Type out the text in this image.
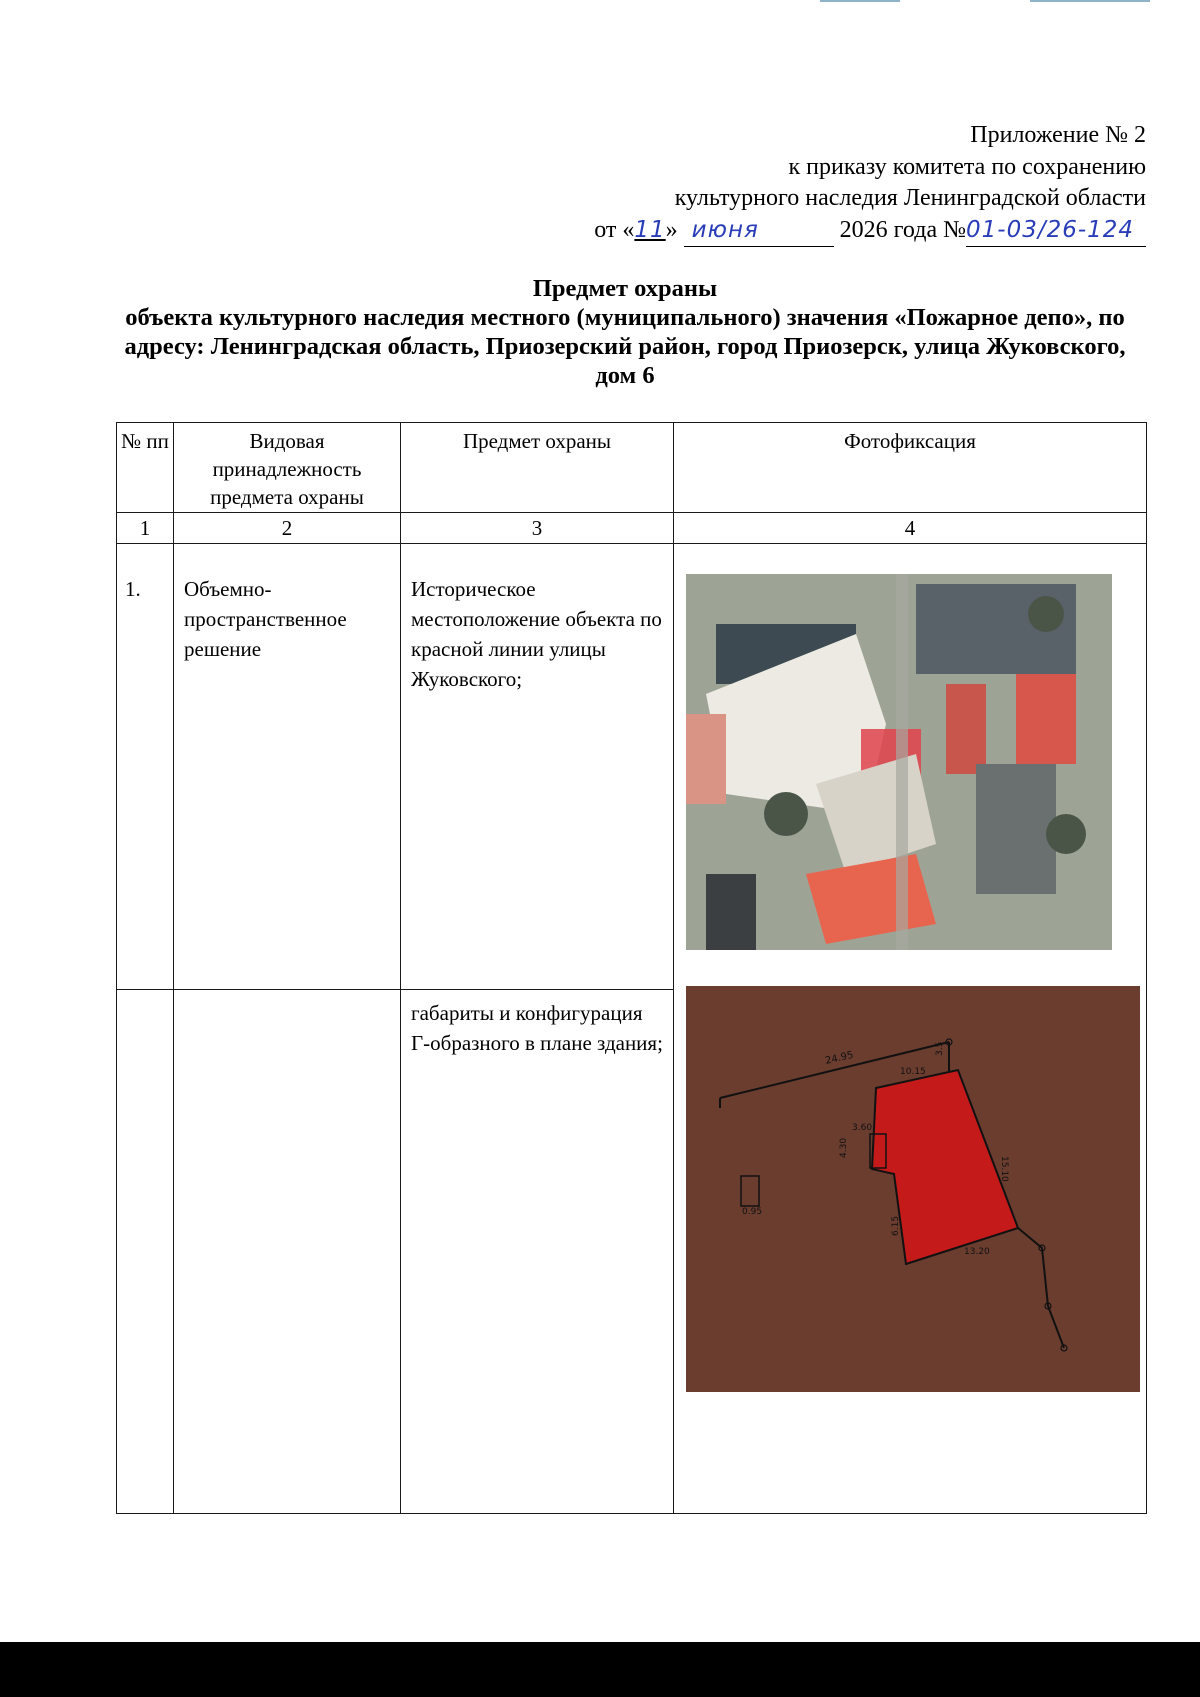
Приложение № 2
к приказу комитета по сохранению
культурного наследия Ленинградской области
от «11» июня	2026 года №01-03/26-124
Предмет охраны
объекта культурного наследия местного (муниципального) значения «Пожарное депо», по адресу: Ленинградская область, Приозерский район, город Приозерск, улица Жуковского, дом 6
№ пп	Видовая принадлежность предмета охраны	Предмет охраны	Фотофиксация
1	2	3	4

1.	Объемно-пространственное решение	Историческое местоположение объекта по красной линии улицы Жуковского;	

		габариты и конфигурация Г-образного в плане здания;	
24.95
10.15
3.60
4.30
15.10
13.20
6.15
0.95
3.5
